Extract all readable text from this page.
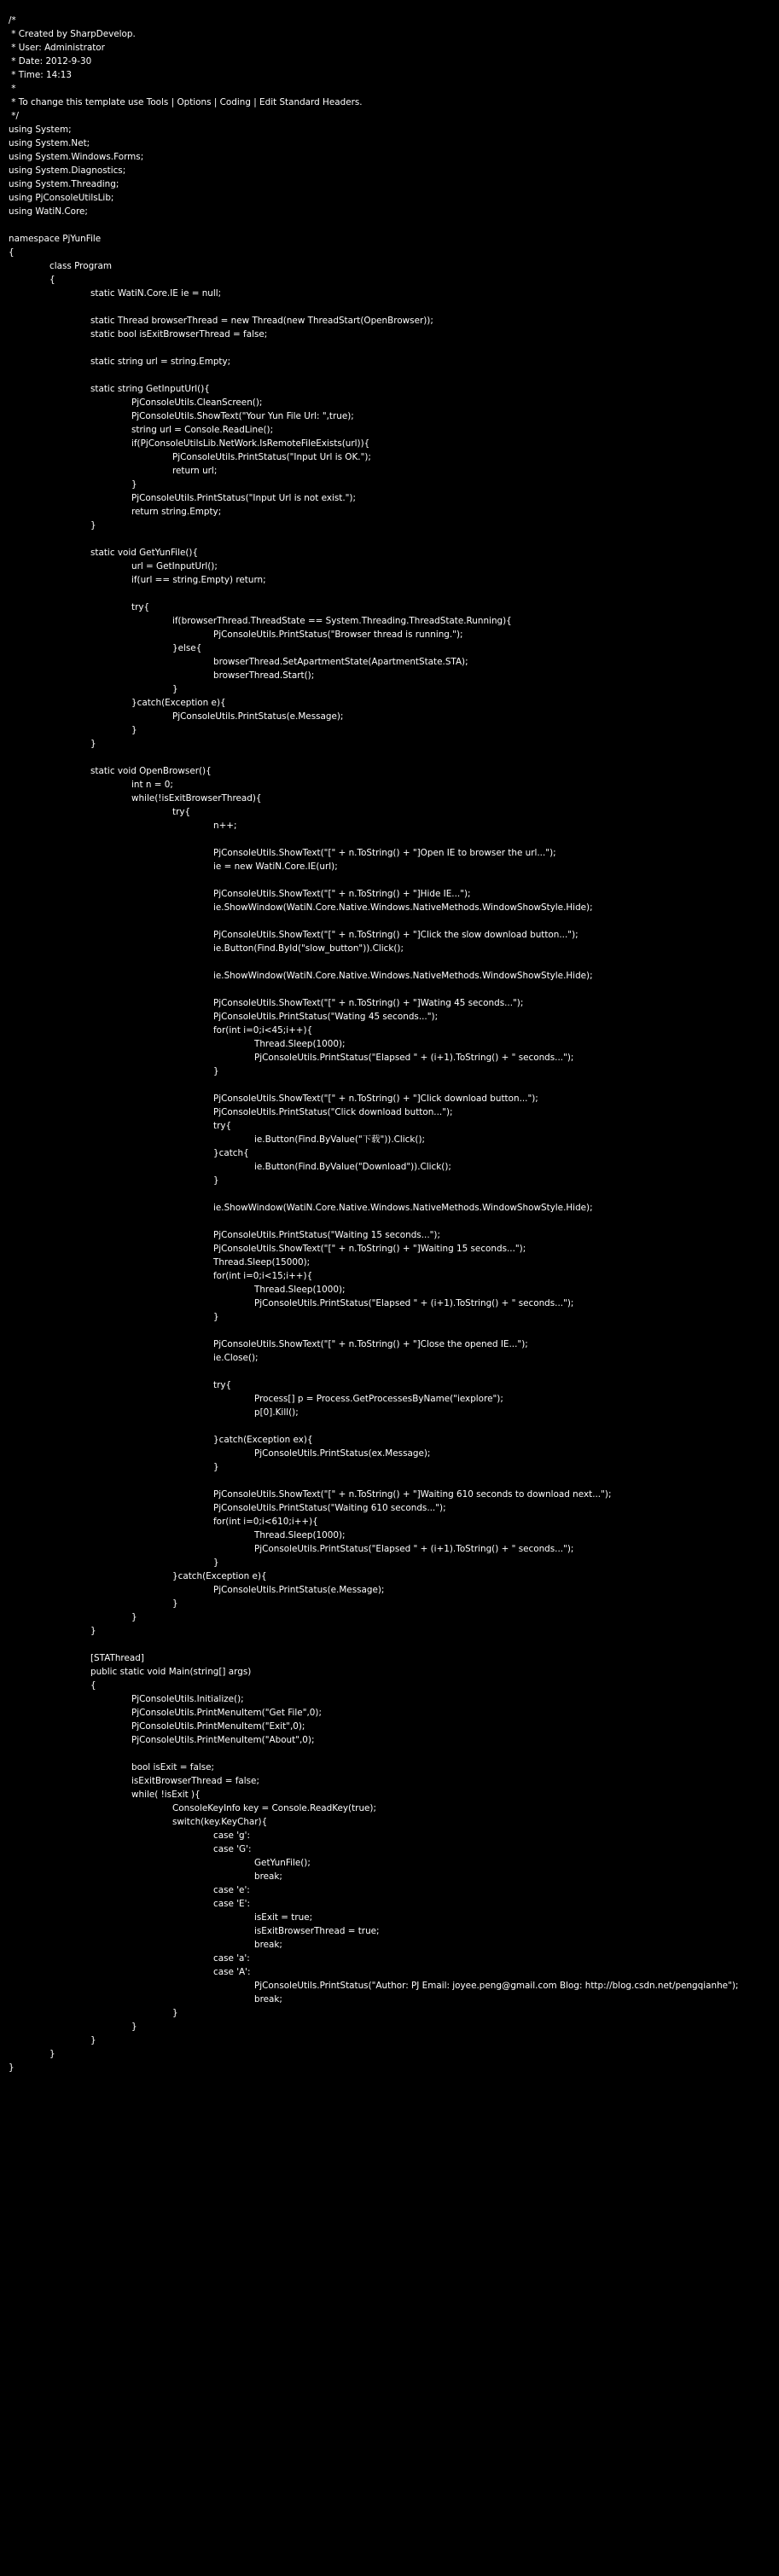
/*
* Created by SharpDevelop.
* User: Administrator
* Date: 2012-9-30
* Time: 14:13
*
* To change this template use Tools | Options | Coding | Edit Standard Headers.
*/
using System;
using System.Net;
using System.Windows.Forms;
using System.Diagnostics;
using System.Threading;
using PjConsoleUtilsLib;
using WatiN.Core;
namespace PjYunFile
{
class Program
{
static WatiN.Core.IE ie = null;
static Thread browserThread = new Thread(new ThreadStart(OpenBrowser));
static bool isExitBrowserThread = false;
static string url = string.Empty;
static string GetInputUrl(){
PjConsoleUtils.CleanScreen();
PjConsoleUtils.ShowText("Your Yun File Url: ",true);
string url = Console.ReadLine();
if(PjConsoleUtilsLib.NetWork.IsRemoteFileExists(url)){
PjConsoleUtils.PrintStatus("Input Url is OK.");
return url;
}
PjConsoleUtils.PrintStatus("Input Url is not exist.");
return string.Empty;
}
static void GetYunFile(){
url = GetInputUrl();
if(url == string.Empty) return;
try{
if(browserThread.ThreadState == System.Threading.ThreadState.Running){
PjConsoleUtils.PrintStatus("Browser thread is running.");
}else{
browserThread.SetApartmentState(ApartmentState.STA);
browserThread.Start();
}
}catch(Exception e){
PjConsoleUtils.PrintStatus(e.Message);
}
}
static void OpenBrowser(){
int n = 0;
while(!isExitBrowserThread){
try{
n++;
PjConsoleUtils.ShowText("[" + n.ToString() + "]Open IE to browser the url...");
ie = new WatiN.Core.IE(url);
PjConsoleUtils.ShowText("[" + n.ToString() + "]Hide IE...");
ie.ShowWindow(WatiN.Core.Native.Windows.NativeMethods.WindowShowStyle.Hide);
PjConsoleUtils.ShowText("[" + n.ToString() + "]Click the slow download button...");
ie.Button(Find.ById("slow_button")).Click();
ie.ShowWindow(WatiN.Core.Native.Windows.NativeMethods.WindowShowStyle.Hide);
PjConsoleUtils.ShowText("[" + n.ToString() + "]Wating 45 seconds...");
PjConsoleUtils.PrintStatus("Wating 45 seconds...");
for(int i=0;i<45;i++){
Thread.Sleep(1000);
PjConsoleUtils.PrintStatus("Elapsed " + (i+1).ToString() + " seconds...");
}
PjConsoleUtils.ShowText("[" + n.ToString() + "]Click download button...");
PjConsoleUtils.PrintStatus("Click download button...");
try{
ie.Button(Find.ByValue("下载")).Click();
}catch{
ie.Button(Find.ByValue("Download")).Click();
}
ie.ShowWindow(WatiN.Core.Native.Windows.NativeMethods.WindowShowStyle.Hide);
PjConsoleUtils.PrintStatus("Waiting 15 seconds...");
PjConsoleUtils.ShowText("[" + n.ToString() + "]Waiting 15 seconds...");
Thread.Sleep(15000);
for(int i=0;i<15;i++){
Thread.Sleep(1000);
PjConsoleUtils.PrintStatus("Elapsed " + (i+1).ToString() + " seconds...");
}
PjConsoleUtils.ShowText("[" + n.ToString() + "]Close the opened IE...");
ie.Close();
try{
Process[] p = Process.GetProcessesByName("iexplore");
p[0].Kill();
}catch(Exception ex){
PjConsoleUtils.PrintStatus(ex.Message);
}
PjConsoleUtils.ShowText("[" + n.ToString() + "]Waiting 610 seconds to download next...");
PjConsoleUtils.PrintStatus("Waiting 610 seconds...");
for(int i=0;i<610;i++){
Thread.Sleep(1000);
PjConsoleUtils.PrintStatus("Elapsed " + (i+1).ToString() + " seconds...");
}
}catch(Exception e){
PjConsoleUtils.PrintStatus(e.Message);
}
}
}
[STAThread]
public static void Main(string[] args)
{
PjConsoleUtils.Initialize();
PjConsoleUtils.PrintMenuItem("Get File",0);
PjConsoleUtils.PrintMenuItem("Exit",0);
PjConsoleUtils.PrintMenuItem("About",0);
bool isExit = false;
isExitBrowserThread = false;
while( !isExit ){
ConsoleKeyInfo key = Console.ReadKey(true);
switch(key.KeyChar){
case 'g':
case 'G':
GetYunFile();
break;
case 'e':
case 'E':
isExit = true;
isExitBrowserThread = true;
break;
case 'a':
case 'A':
PjConsoleUtils.PrintStatus("Author: PJ Email: joyee.peng@gmail.com Blog: http://blog.csdn.net/pengqianhe");
break;
}
}
}
}
}
